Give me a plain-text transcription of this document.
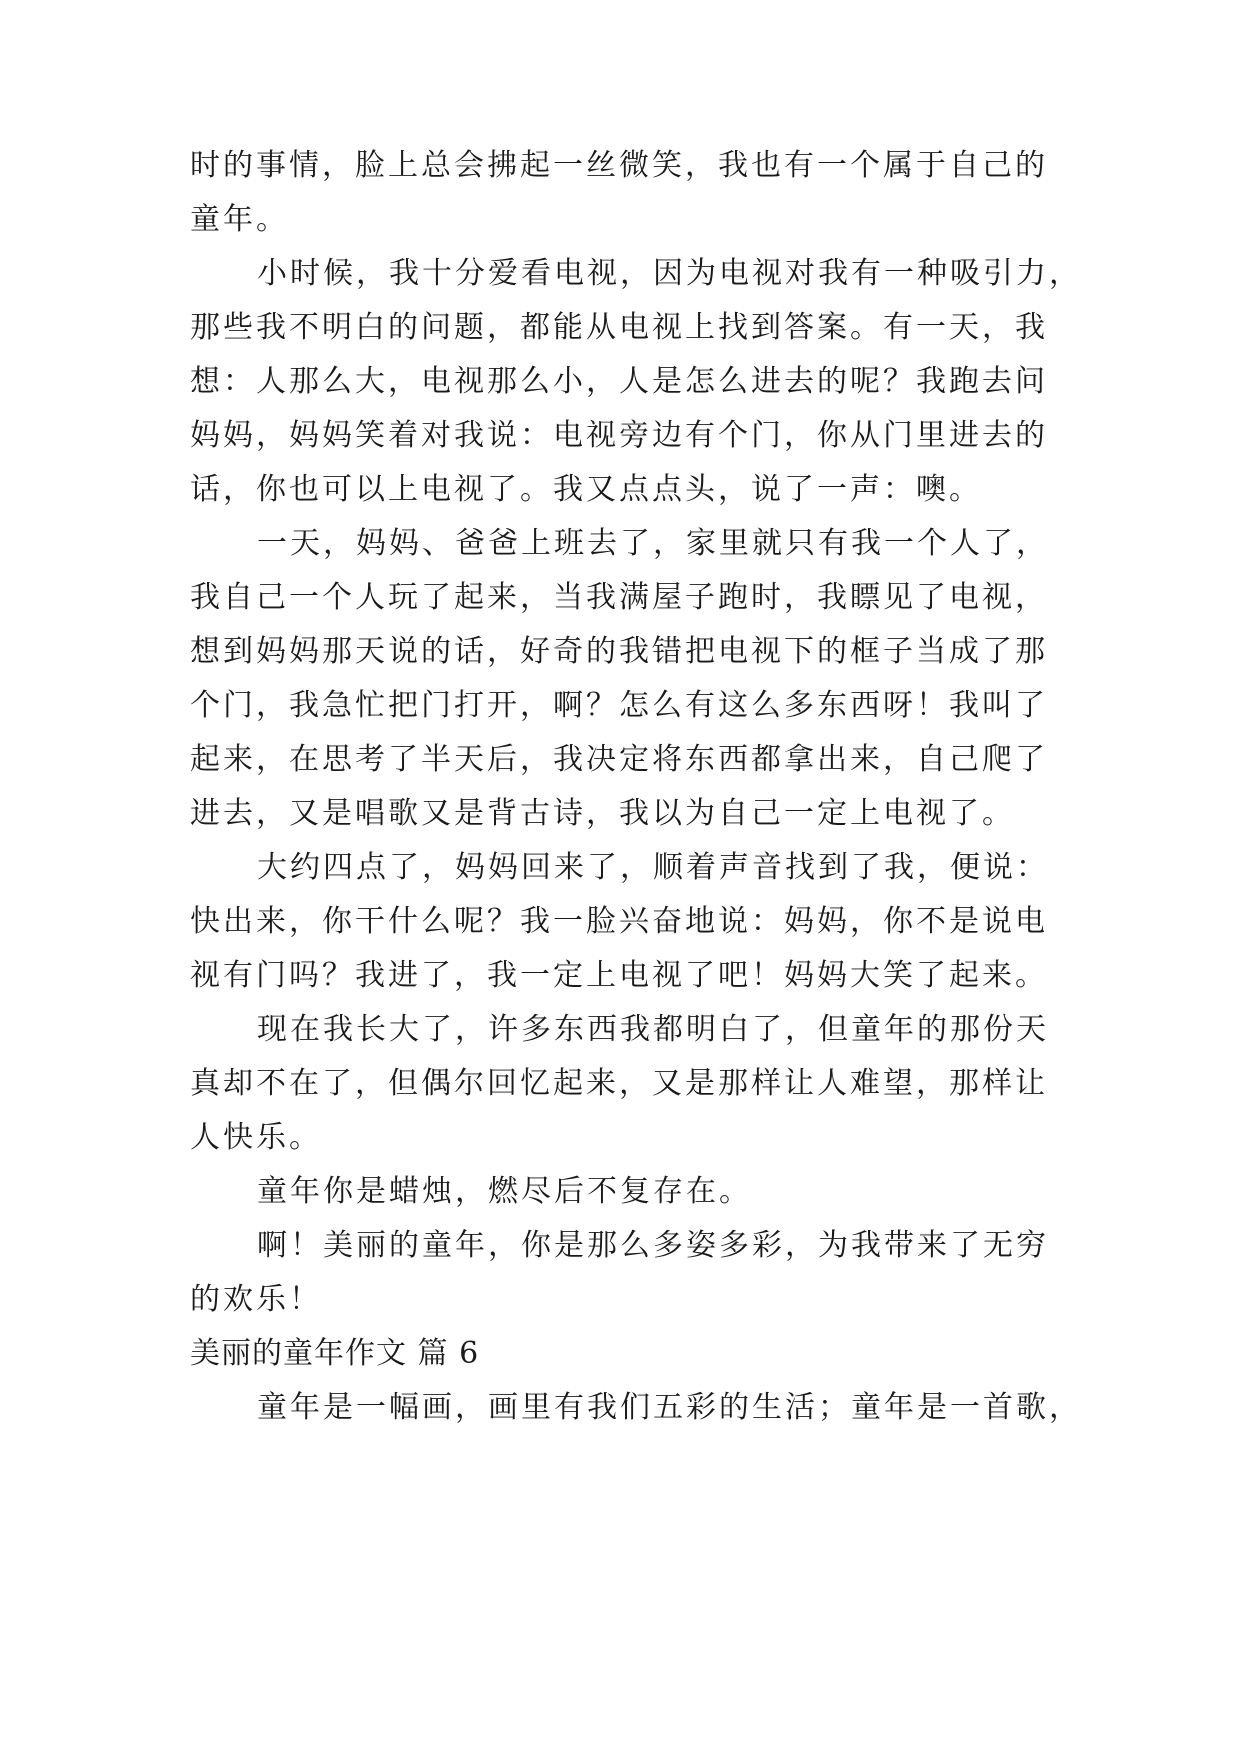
时的事情，脸上总会拂起一丝微笑，我也有一个属于自己的
童年。
小时候，我十分爱看电视，因为电视对我有一种吸引力，
那些我不明白的问题，都能从电视上找到答案。有一天，我
想：人那么大，电视那么小，人是怎么进去的呢？我跑去问
妈妈，妈妈笑着对我说：电视旁边有个门，你从门里进去的
话，你也可以上电视了。我又点点头，说了一声：噢。
一天，妈妈、爸爸上班去了，家里就只有我一个人了，
我自己一个人玩了起来，当我满屋子跑时，我瞟见了电视，
想到妈妈那天说的话，好奇的我错把电视下的框子当成了那
个门，我急忙把门打开，啊？怎么有这么多东西呀！我叫了
起来，在思考了半天后，我决定将东西都拿出来，自己爬了
进去，又是唱歌又是背古诗，我以为自己一定上电视了。
大约四点了，妈妈回来了，顺着声音找到了我，便说：
快出来，你干什么呢？我一脸兴奋地说：妈妈，你不是说电
视有门吗？我进了，我一定上电视了吧！妈妈大笑了起来。
现在我长大了，许多东西我都明白了，但童年的那份天
真却不在了，但偶尔回忆起来，又是那样让人难望，那样让
人快乐。
童年你是蜡烛，燃尽后不复存在。
啊！美丽的童年，你是那么多姿多彩，为我带来了无穷
的欢乐！
美丽的童年作文 篇 6
童年是一幅画，画里有我们五彩的生活；童年是一首歌，
